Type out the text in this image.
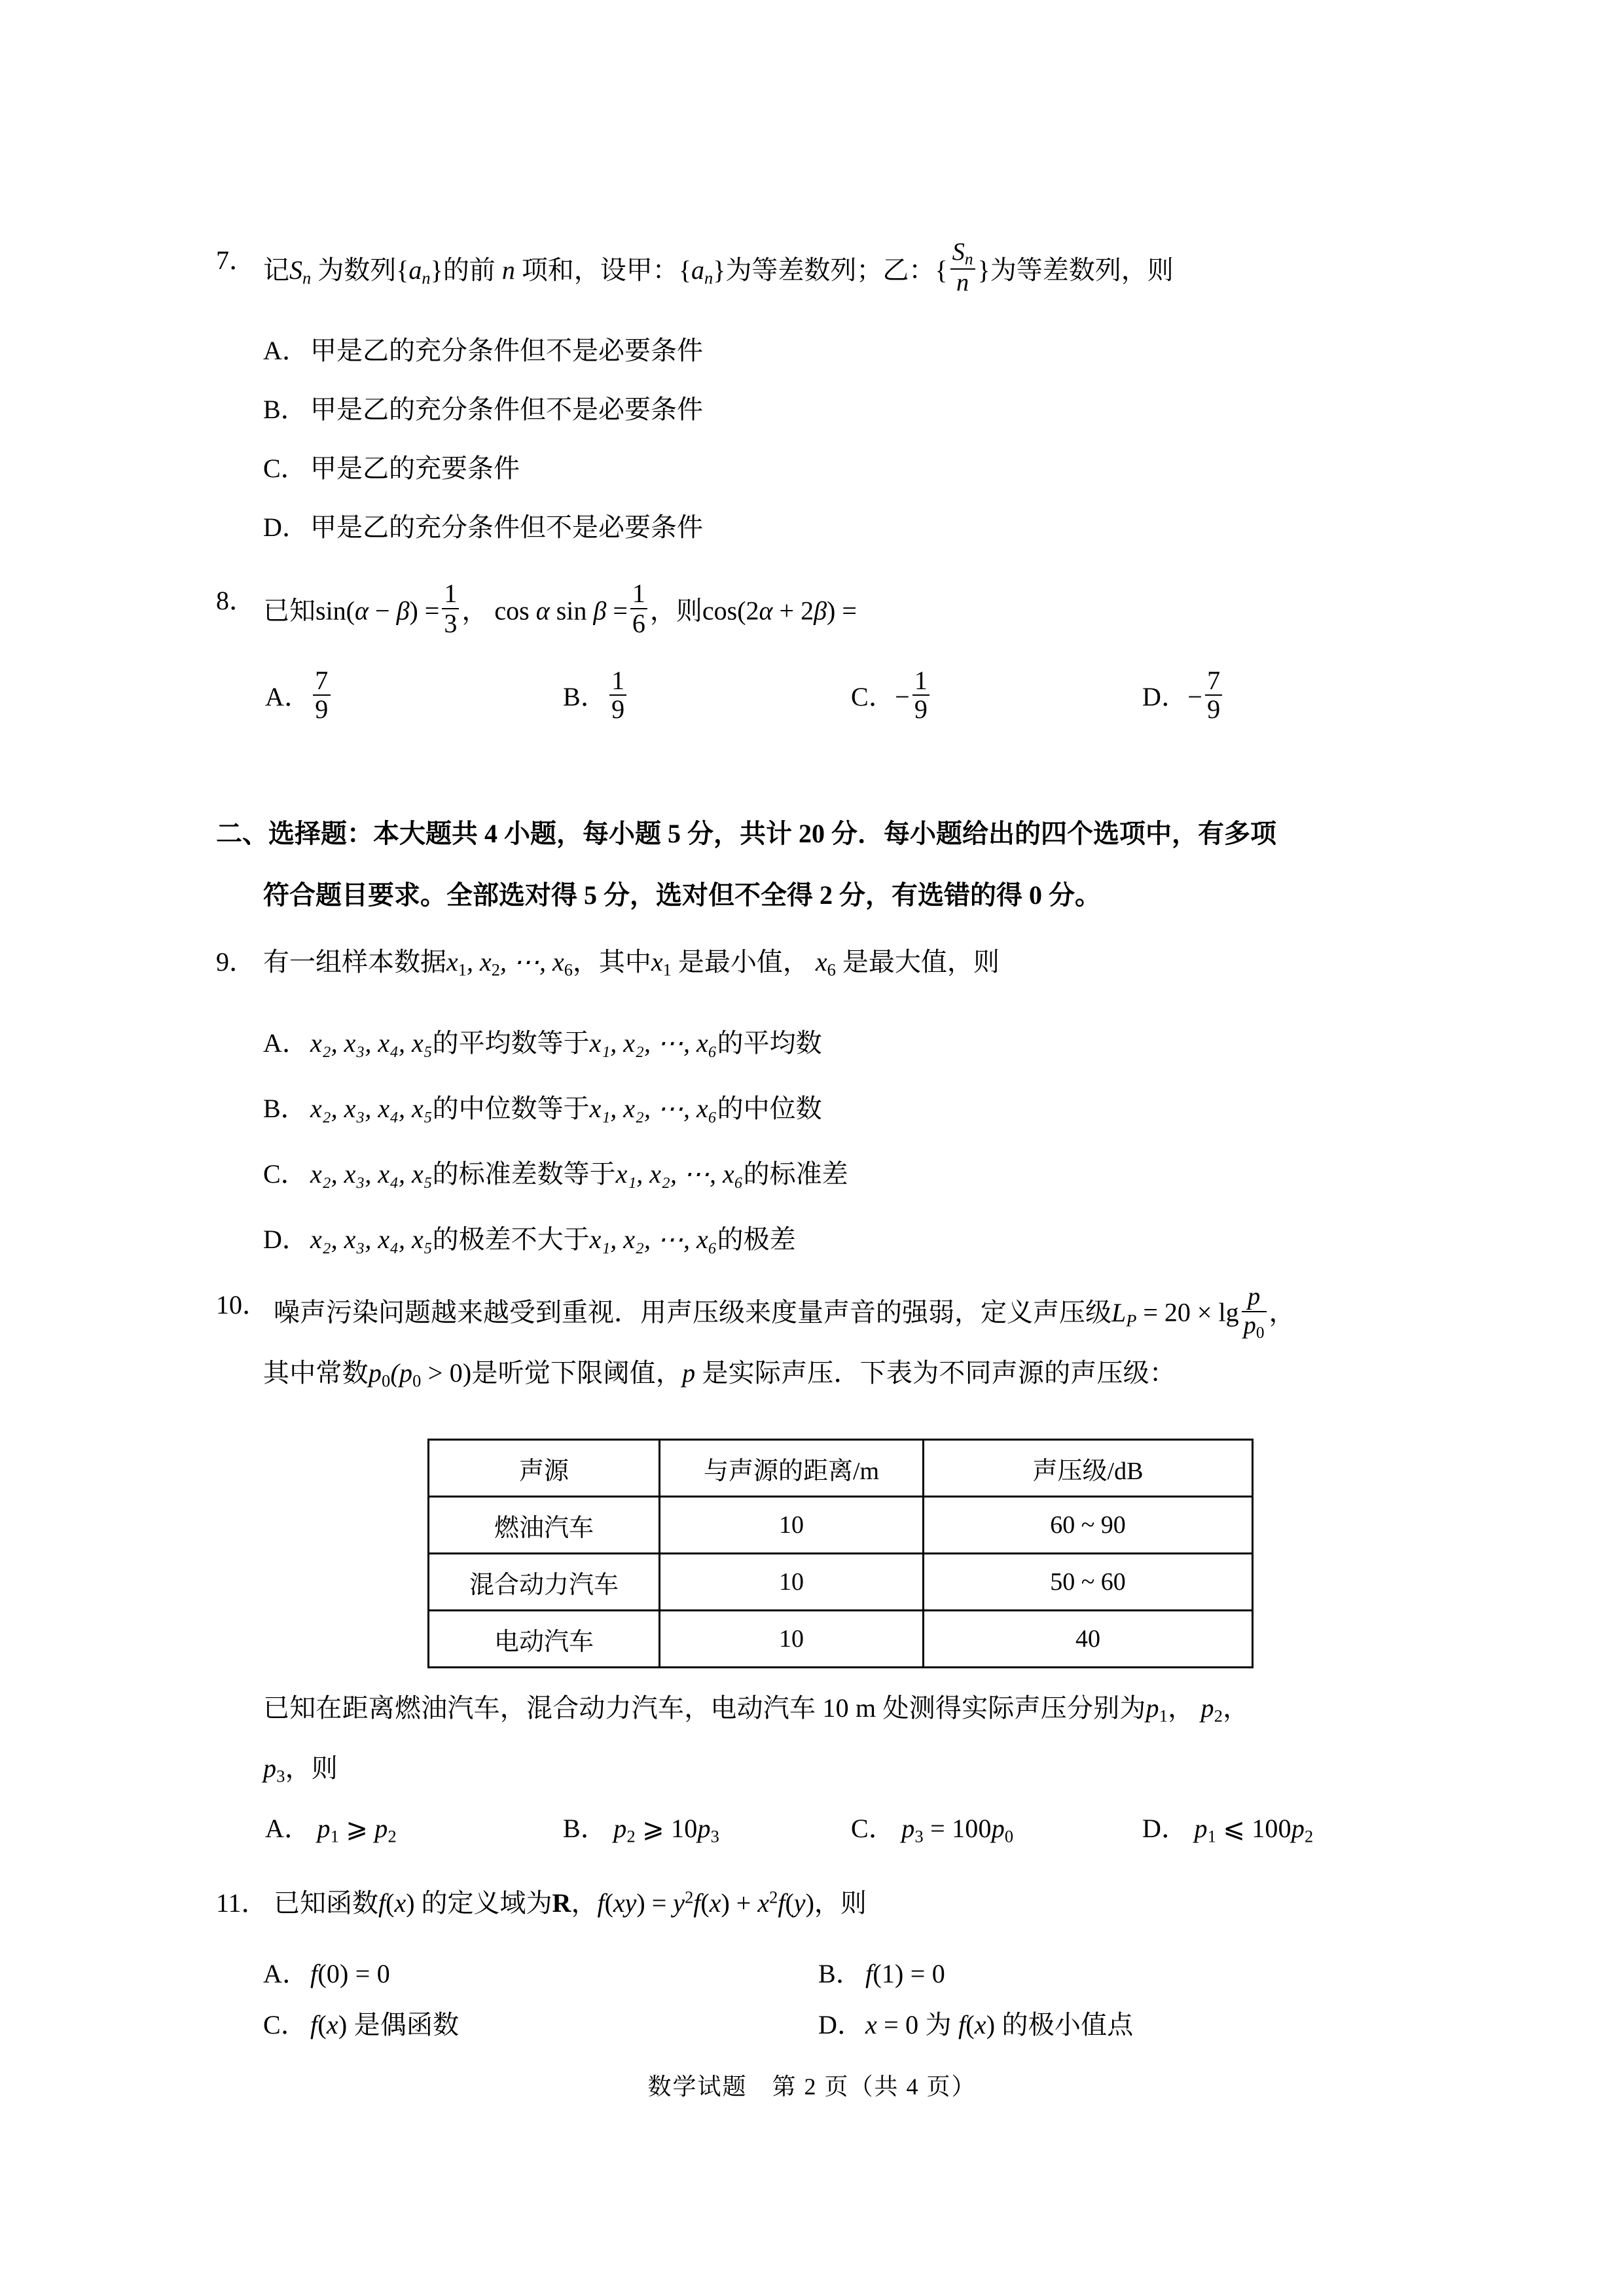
7． 记$S_n$ 为数列$\{a_n\}$的前 n 项和，设甲：$\{a_n\}$为等差数列；乙：{ $\frac{S_n}{n}$ }为等差数列，则
A． 甲是乙的充分条件但不是必要条件
B． 甲是乙的充分条件但不是必要条件
C． 甲是乙的充要条件
D． 甲是乙的充分条件但不是必要条件
8． 已知$\sin(\alpha - \beta) = \frac{1}{3}$ ， cos α $\sin \beta = \frac{1}{6}$ ，则cos(2α + 2β) =
A． $\frac{7}{9}$	B． $\frac{1}{9}$	C．− $\frac{1}{9}$	D．− $\frac{7}{9}$
二、选择题：本大题共 4 小题，每小题 5 分，共计 20 分．每小题给出的四个选项中，有多项
符合题目要求。全部选对得 5 分，选对但不全得 2 分，有选错的得 0 分。
9． 有一组样本数据$x_1$, $x_2$, ⋯, $x_6$，其中$x_1$ 是最小值， $x_6$ 是最大值，则
A． x₂, x₃, x₄, x₅的平均数等于x₁, x₂, ⋯, x₆的平均数
B． x₂, x₃, x₄, x₅的中位数等于x₁, x₂, ⋯, x₆的中位数
C． x₂, x₃, x₄, x₅的标准差数等于x₁, x₂, ⋯, x₆的标准差
D． x₂, x₃, x₄, x₅的极差不大于x₁, x₂, ⋯, x₆的极差
10． 噪声污染问题越来越受到重视．用声压级来度量声音的强弱，定义声压级$L_P = 20 \times \lg \frac{p}{p_0}$ ，
其中常数$p_0(p_0 > 0)$是听觉下限阈值，p 是实际声压．下表为不同声源的声压级：
声源	与声源的距离/m	声压级/dB
燃油汽车	10	60 ~ 90
混合动力汽车	10	50 ~ 60
电动汽车	10	40
已知在距离燃油汽车，混合动力汽车，电动汽车 10 m 处测得实际声压分别为$p_1$， $p_2$，
$p_3$，则
A． $p_1$ ⩾ $p_2$	B． $p_2$ ⩾ $10p_3$	C． $p_3 = 100p_0$	D． $p_1$ ⩽ $100p_2$
11． 已知函数f(x) 的定义域为R，$f(xy) = y^2f(x) + x^2f(y)$，则
A．f(0) = 0	B． f(1) = 0
C． f(x) 是偶函数	D．x = 0 为 f(x) 的极小值点
数学试题　第 2 页（共 4 页）
